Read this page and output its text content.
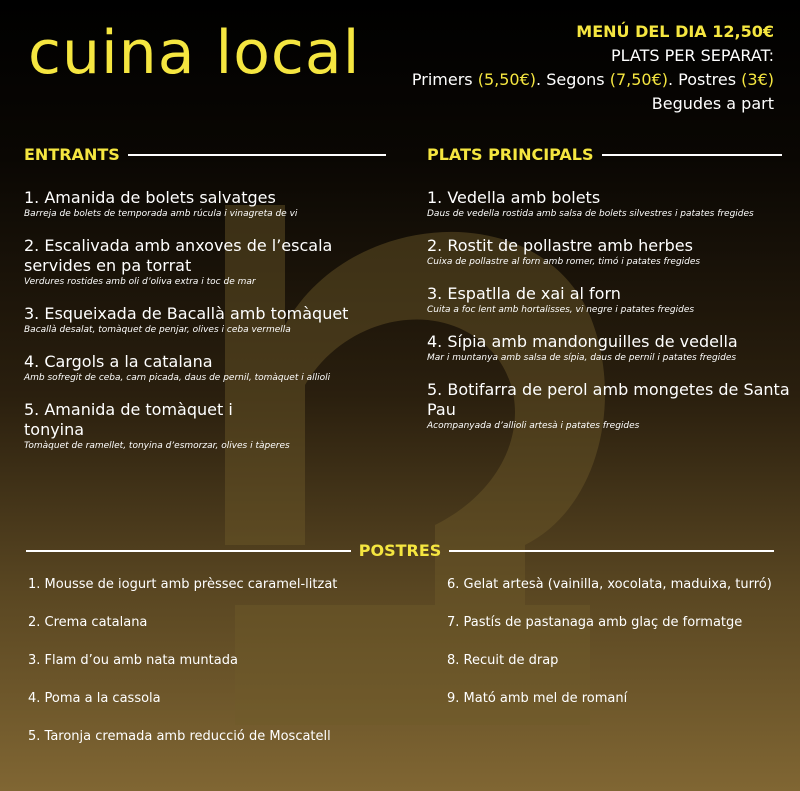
cuina local	MENÚ DEL DIA 12,50€
PLATS PER SEPARAT:
Primers (5,50€). Segons (7,50€). Postres (3€)
Begudes a part
ENTRANTS	PLATS PRINCIPALS
1. Amanida de bolets salvatges
Barreja de bolets de temporada amb rúcula i vinagreta de vi
2. Escalivada amb anxoves de l’escala servides en pa torrat
Verdures rostides amb oli d’oliva extra i toc de mar
3. Esqueixada de Bacallà amb tomàquet
Bacallà desalat, tomàquet de penjar, olives i ceba vermella
4. Cargols a la catalana
Amb sofregit de ceba, carn picada, daus de pernil, tomàquet i allioli
5. Amanida de tomàquet i tonyina
Tomàquet de ramellet, tonyina d’esmorzar, olives i tàperes
1. Vedella amb bolets
Daus de vedella rostida amb salsa de bolets silvestres i patates fregides
2. Rostit de pollastre amb herbes
Cuixa de pollastre al forn amb romer, timó i patates fregides
3. Espatlla de xai al forn
Cuita a foc lent amb hortalisses, vi negre i patates fregides
4. Sípia amb mandonguilles de vedella
Mar i muntanya amb salsa de sípia, daus de pernil i patates fregides
5. Botifarra de perol amb mongetes de Santa Pau
Acompanyada d’allioli artesà i patates fregides
POSTRES
1. Mousse de iogurt amb prèssec caramel-litzat
2. Crema catalana
3. Flam d’ou amb nata muntada
4. Poma a la cassola
5. Taronja cremada amb reducció de Moscatell
6. Gelat artesà (vainilla, xocolata, maduixa, turró)
7. Pastís de pastanaga amb glaç de formatge
8. Recuit de drap
9. Mató amb mel de romaní
